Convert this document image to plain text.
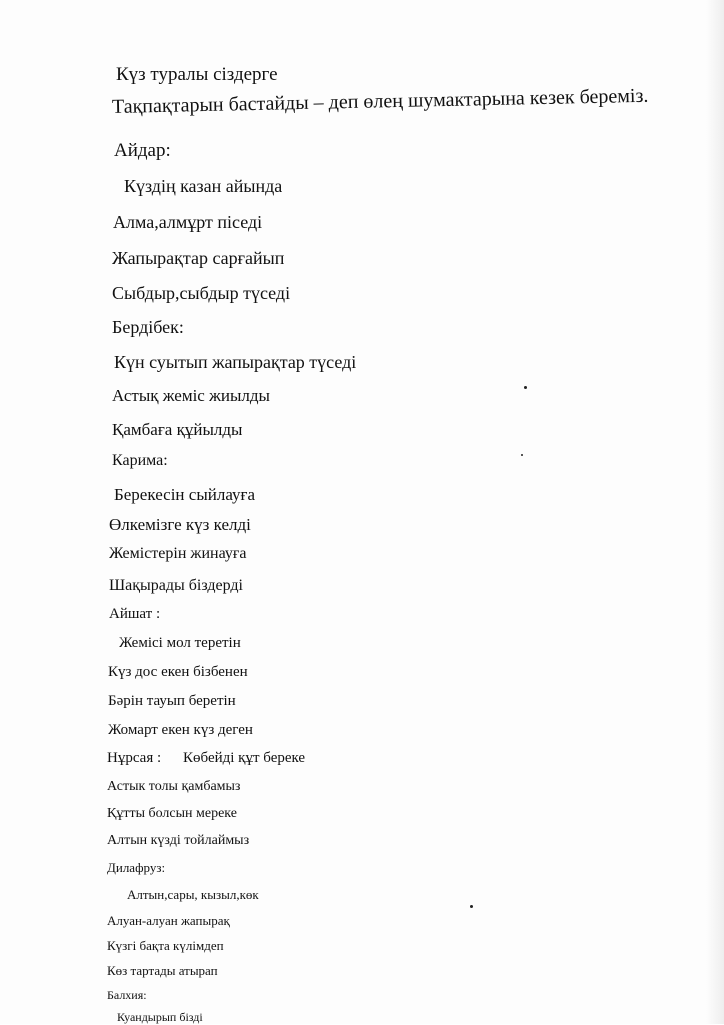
Күз туралы сіздерге

Тақпақтарын бастайды – деп өлең шумактарына кезек береміз.

Айдар:

Күздің казан айында

Алма,алмұрт піседі

Жапырақтар сарғайып

Сыбдыр,сыбдыр түседі

Бердібек:

Күн суытып жапырақтар түседі

Астық жеміс жиылды

Қамбаға құйылды

Карима:

Берекесін сыйлауға

Өлкемізге күз келді

Жемістерін жинауға

Шақырады біздерді

Айшат :

Жемісі мол теретін

Күз дос екен бізбенен

Бәрін тауып беретін

Жомарт екен күз деген

Нұрсая : Көбейді құт береке

Астык толы қамбамыз

Құтты болсын мереке

Алтын күзді тойлаймыз

Дилафруз:

Алтын,сары, кызыл,көк

Алуан-алуан жапырақ

Күзгі бақта күлімдеп

Көз тартады атырап

Балхия:

Куандырып бізді
